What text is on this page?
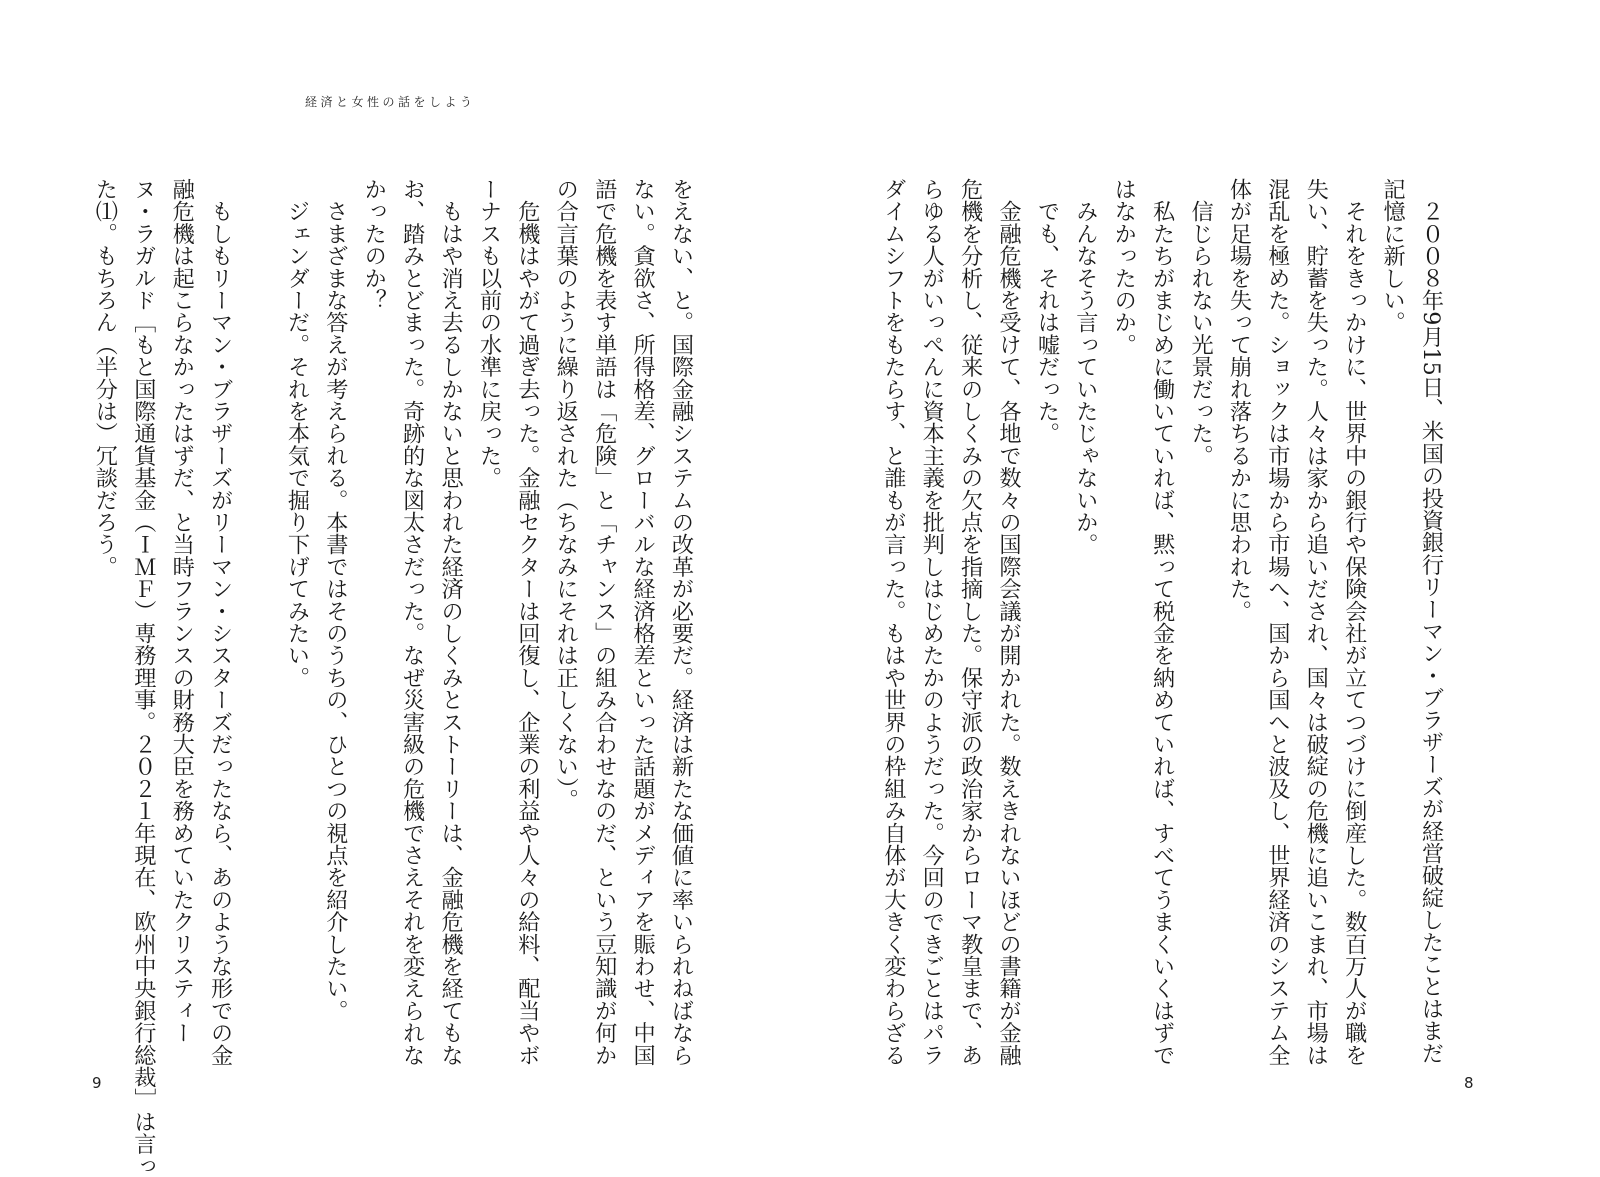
経済と女性の話をしよう
　２００８年9月15日、米国の投資銀行リーマン・ブラザーズが経営破綻したことはまだ
記憶に新しい。
　それをきっかけに、世界中の銀行や保険会社が立てつづけに倒産した。数百万人が職を
失い、貯蓄を失った。人々は家から追いだされ、国々は破綻の危機に追いこまれ、市場は
混乱を極めた。ショックは市場から市場へ、国から国へと波及し、世界経済のシステム全
体が足場を失って崩れ落ちるかに思われた。
　信じられない光景だった。
　私たちがまじめに働いていれば、黙って税金を納めていれば、すべてうまくいくはずで
はなかったのか。
　みんなそう言っていたじゃないか。
　でも、それは嘘だった。
　金融危機を受けて、各地で数々の国際会議が開かれた。数えきれないほどの書籍が金融
危機を分析し、従来のしくみの欠点を指摘した。保守派の政治家からローマ教皇まで、あ
らゆる人がいっぺんに資本主義を批判しはじめたかのようだった。今回のできごとはパラ
ダイムシフトをもたらす、と誰もが言った。もはや世界の枠組み自体が大きく変わらざる
をえない、と。国際金融システムの改革が必要だ。経済は新たな価値に率いられねばなら
ない。貪欲さ、所得格差、グローバルな経済格差といった話題がメディアを賑わせ、中国
語で危機を表す単語は「危険」と「チャンス」の組み合わせなのだ、という豆知識が何か
の合言葉のように繰り返された（ちなみにそれは正しくない）。
　危機はやがて過ぎ去った。金融セクターは回復し、企業の利益や人々の給料、配当やボ
ーナスも以前の水準に戻った。
　もはや消え去るしかないと思われた経済のしくみとストーリーは、金融危機を経てもな
お、踏みとどまった。奇跡的な図太さだった。なぜ災害級の危機でさえそれを変えられな
かったのか？
　さまざまな答えが考えられる。本書ではそのうちの、ひとつの視点を紹介したい。
　ジェンダーだ。それを本気で掘り下げてみたい。

　もしもリーマン・ブラザーズがリーマン・シスターズだったなら、あのような形での金
融危機は起こらなかったはずだ、と当時フランスの財務大臣を務めていたクリスティー
ヌ・ラガルド［もと国際通貨基金（ＩＭＦ）専務理事。２０２１年現在、欧州中央銀行総裁］は言っ
た⑴。もちろん（半分は）冗談だろう。
9	8
